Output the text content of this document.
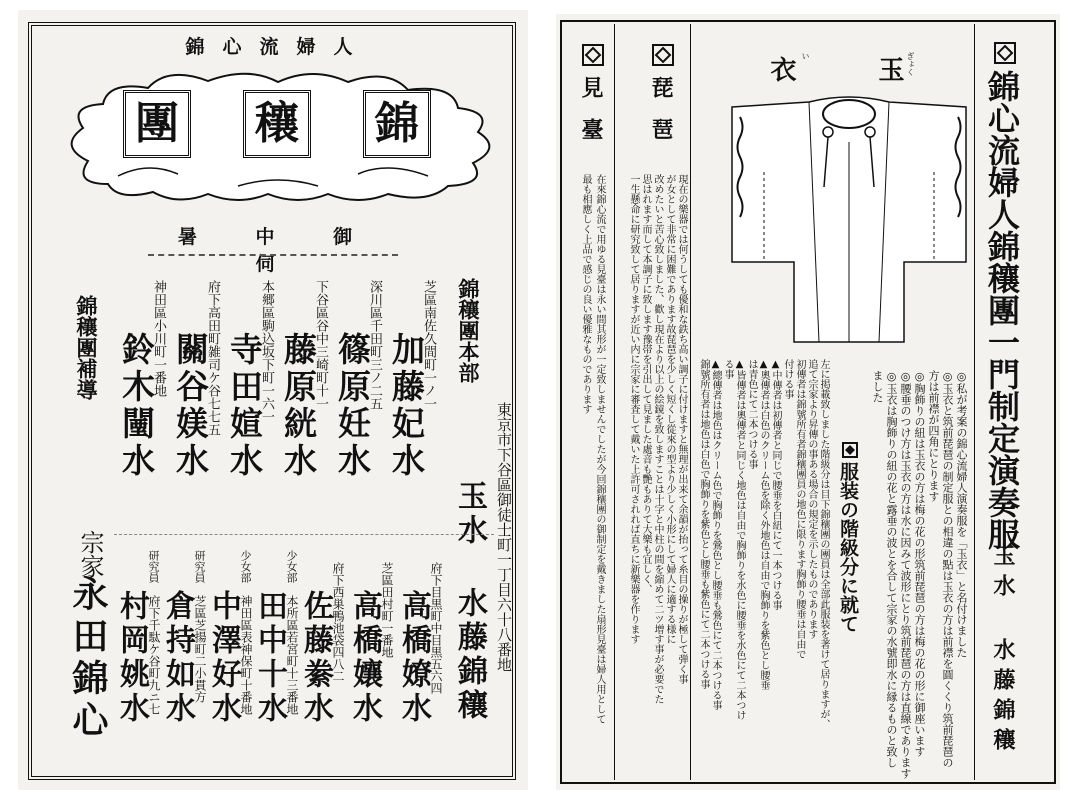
錦心流婦人
錦
穰
團
暑 中 御 伺
錦穰團本部
東京市下谷區御徒士町一丁目六十八番地
玉水 水藤錦穰
芝區南佐久間町一ノ一
加藤妃水
深川區千田町三ノ二五
篠原妊水
下谷區谷中三崎町十一
藤原絖水
本郷區駒込坂下町一六一
寺田媗水
府下高田町雑司ケ谷七七五
關谷媄水
神田區小川町一番地
鈴木闉水
錦穰團補導
宗家
永田錦心	府下目黒町中目黒五六四
高橋嫽水
芝區田村町一番地
高橋孃水
府下西巣鴨池袋四八二
佐藤絭水
少女部
本所區若宮町十三番地
田中十水
少女部
神田區表神保町十番地
中澤好水
研究員
芝區芝揚町二小貫方
倉持如水
研究員
府下千駄ケ谷町九ニ七
村岡姚水
錦心流婦人錦穰團一門制定演奏服
玉水 水藤錦穰
◎私が考案の錦心流婦人演奏服を「玉衣」と名付けました
◎玉衣と筑前琵琶の制定服との相違の點は玉衣の方は前襟を圓くくり筑前琵琶の
方は前襟が四角にとります
◎胸飾りの紐は玉衣の方は梅の花の形筑前琵琶の方は梅の花の形に御座います
◎腰垂のつけ方は玉衣の方は水に因みて波形にとり筑前琵琶の方は直線であります
◎玉衣は胸飾りの紐の花と露垂の波とを合して宗家の水號即水に縁るものと致し
ました
玉 ぎょく
衣 い
服装の階級分に就て
左に掲載致しました階級分は目下錦穰團の團員は全部此服装を著けて居りますが、
追て宗家より昇傳の事ある場合の規定を示したものであります
初傳者は錦號所有者錦穰團員の地色に限ります胸飾り腰垂は自由で
付ける事
▲中傳者は初傳者と同じで腰垂を白紐にて一本つける事
▲奧傳者は白色のクリーム色を除く外地色は自由で胸飾りを紫色とし腰垂
は青色にて二本つける事
▲皆傳者は奧傳者と同じく地色は自由で胸飾りを水色に腰垂を水色にて二本つけ
る事
▲總傳者は地色はクリーム色で胸飾りを鶯色とし腰垂も鶯色にて二本つける事
錦號所有者は地色は白色で胸飾りを紫色とし腰垂も紫色にて二本つける事
琵琶
現在の樂器では何うしても優和な鉄ち高い調子に付けますと無理が出来て余韻が抬って糸目の操りが極して弾く事
が女として非常に困難であります故琵琶を少しく短くし從來の型より少しく小形にして婦人に適する様に
改めたいと苦心致しました、歡し現在より以上の絵鏡を致しますことは十字と中柱の間を縮めて二ツ增す事が必要でた
思はれます而して本調子に致します豫帯を引出して見ました處音も艷もありて大樂も宜しく、
一生懸命に研究致して居りますが近い内に宗家に審査して戴いた上許可されれば直ちに新樂器を作ります
見臺
在來錦心流で用ゆる見臺は永い間其形が一定致しませんでしたが今回錦穰團の御制定を戴きました扇形見臺は婦人用として
最も相應しく上品で感じの良い優雅なものであります
